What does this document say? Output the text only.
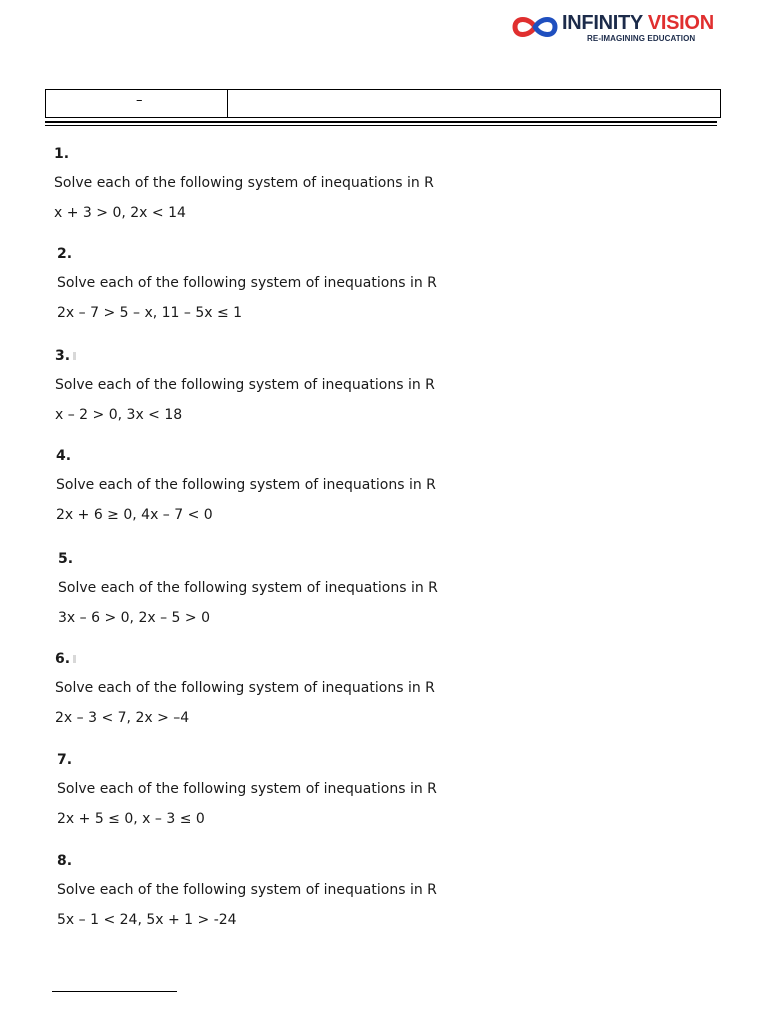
INFINITY VISION
RE-IMAGINING EDUCATION
–
1.
Solve each of the following system of inequations in R
x + 3 > 0, 2x < 14
2.
Solve each of the following system of inequations in R
2x – 7 > 5 – x, 11 – 5x ≤ 1
3.
Solve each of the following system of inequations in R
x – 2 > 0, 3x < 18
4.
Solve each of the following system of inequations in R
2x + 6 ≥ 0, 4x – 7 < 0
5.
Solve each of the following system of inequations in R
3x – 6 > 0, 2x – 5 > 0
6.
Solve each of the following system of inequations in R
2x – 3 < 7, 2x > –4
7.
Solve each of the following system of inequations in R
2x + 5 ≤ 0, x – 3 ≤ 0
8.
Solve each of the following system of inequations in R
5x – 1 < 24, 5x + 1 > -24
